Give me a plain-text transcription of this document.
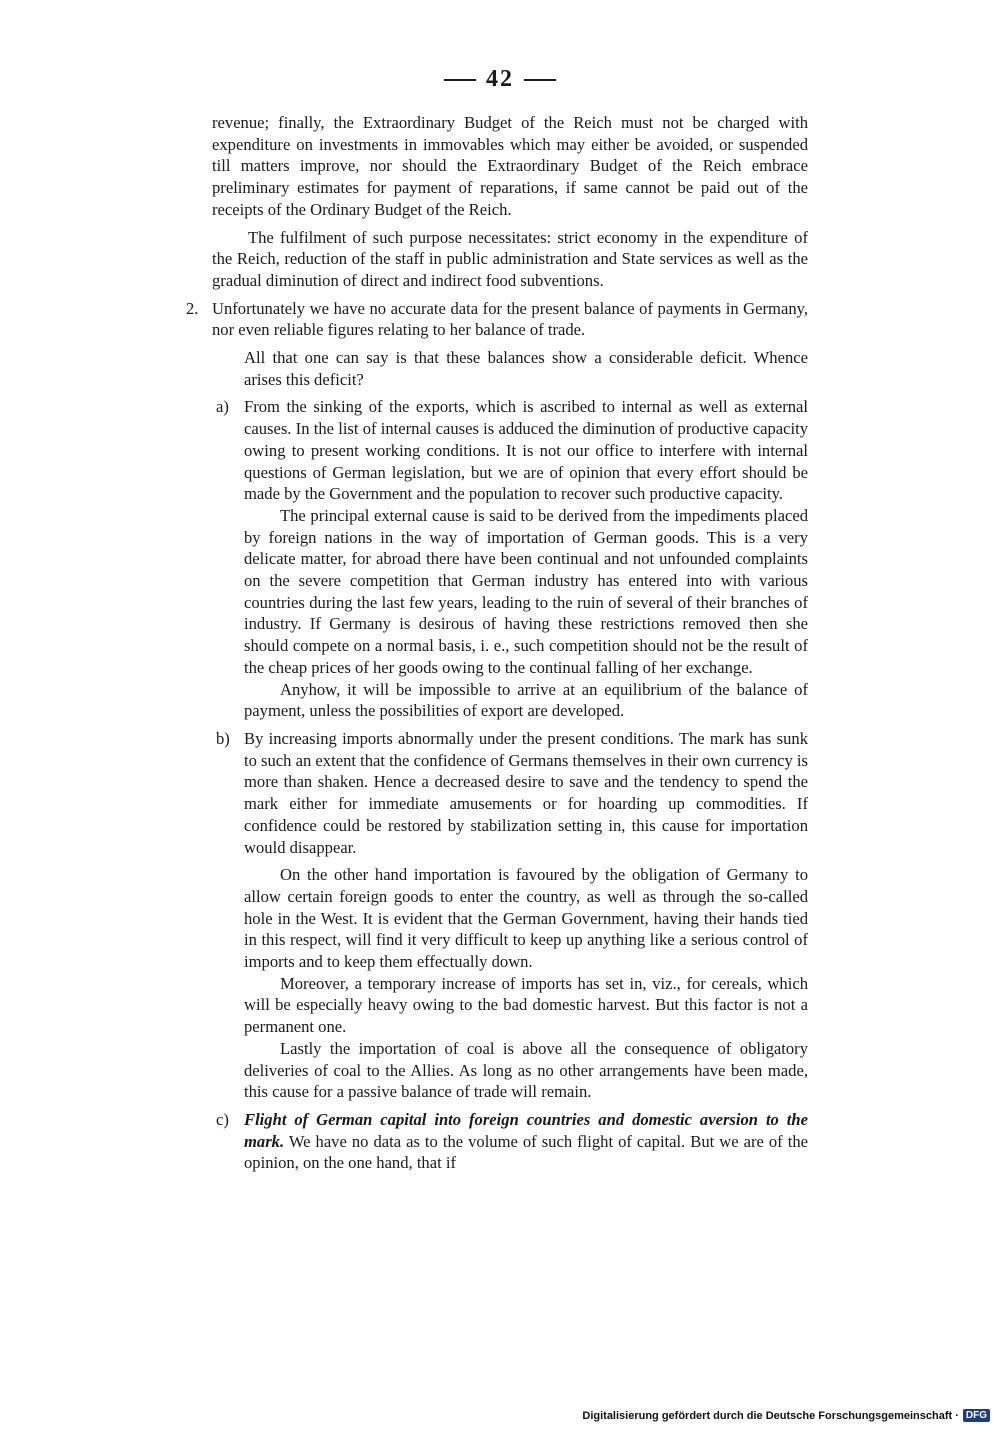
42

revenue; finally, the Extraordinary Budget of the Reich must not be charged with expenditure on investments in immovables which may either be avoided, or suspended till matters improve, nor should the Extraordinary Budget of the Reich embrace preliminary estimates for payment of reparations, if same cannot be paid out of the receipts of the Ordinary Budget of the Reich.

The fulfilment of such purpose necessitates: strict economy in the expenditure of the Reich, reduction of the staff in public administration and State services as well as the gradual diminution of direct and indirect food subventions.

2. Unfortunately we have no accurate data for the present balance of payments in Germany, nor even reliable figures relating to her balance of trade.

All that one can say is that these balances show a considerable deficit. Whence arises this deficit?

a) From the sinking of the exports, which is ascribed to internal as well as external causes. In the list of internal causes is adduced the diminution of productive capacity owing to present working conditions. It is not our office to interfere with internal questions of German legislation, but we are of opinion that every effort should be made by the Government and the population to recover such productive capacity.

The principal external cause is said to be derived from the impediments placed by foreign nations in the way of importation of German goods. This is a very delicate matter, for abroad there have been continual and not unfounded complaints on the severe competition that German industry has entered into with various countries during the last few years, leading to the ruin of several of their branches of industry. If Germany is desirous of having these restrictions removed then she should compete on a normal basis, i. e., such competition should not be the result of the cheap prices of her goods owing to the continual falling of her exchange.

Anyhow, it will be impossible to arrive at an equilibrium of the balance of payment, unless the possibilities of export are developed.

b) By increasing imports abnormally under the present conditions. The mark has sunk to such an extent that the confidence of Germans themselves in their own currency is more than shaken. Hence a decreased desire to save and the tendency to spend the mark either for immediate amusements or for hoarding up commodities. If confidence could be restored by stabilization setting in, this cause for importation would disappear.

On the other hand importation is favoured by the obligation of Germany to allow certain foreign goods to enter the country, as well as through the so-called hole in the West. It is evident that the German Government, having their hands tied in this respect, will find it very difficult to keep up anything like a serious control of imports and to keep them effectually down.

Moreover, a temporary increase of imports has set in, viz., for cereals, which will be especially heavy owing to the bad domestic harvest. But this factor is not a permanent one.

Lastly the importation of coal is above all the consequence of obligatory deliveries of coal to the Allies. As long as no other arrangements have been made, this cause for a passive balance of trade will remain.

c) Flight of German capital into foreign countries and domestic aversion to the mark. We have no data as to the volume of such flight of capital. But we are of the opinion, on the one hand, that if

Digitalisierung gefördert durch die Deutsche Forschungsgemeinschaft · DFG
